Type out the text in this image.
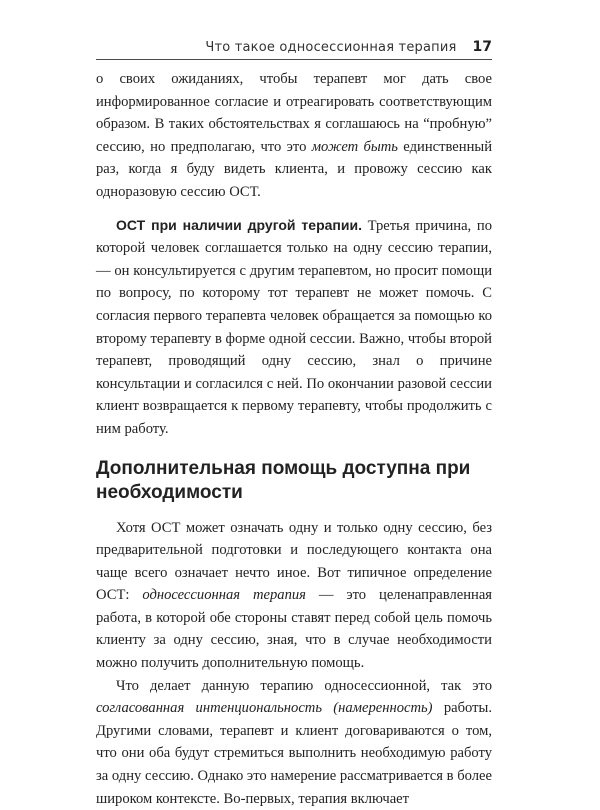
Что такое односессионная терапия 17

о своих ожиданиях, чтобы терапевт мог дать свое информированное согласие и отреагировать соответствующим образом. В таких обстоятельствах я соглашаюсь на “пробную” сессию, но предполагаю, что это может быть единственный раз, когда я буду видеть клиента, и провожу сессию как одноразовую сессию ОСТ.

ОСТ при наличии другой терапии. Третья причина, по которой человек соглашается только на одну сессию терапии, — он консультируется с другим терапевтом, но просит помощи по вопросу, по которому тот терапевт не может помочь. С согласия первого терапевта человек обращается за помощью ко второму терапевту в форме одной сессии. Важно, чтобы второй терапевт, проводящий одну сессию, знал о причине консультации и согласился с ней. По окончании разовой сессии клиент возвращается к первому терапевту, чтобы продолжить с ним работу.

Дополнительная помощь доступна при необходимости

Хотя ОСТ может означать одну и только одну сессию, без предварительной подготовки и последующего контакта она чаще всего означает нечто иное. Вот типичное определение ОСТ: односессионная терапия — это целенаправленная работа, в которой обе стороны ставят перед собой цель помочь клиенту за одну сессию, зная, что в случае необходимости можно получить дополнительную помощь.

Что делает данную терапию односессионной, так это согласованная интенциональность (намеренность) работы. Другими словами, терапевт и клиент договариваются о том, что они оба будут стремиться выполнить необходимую работу за одну сессию. Однако это намерение рассматривается в более широком контексте. Во-первых, терапия включает
